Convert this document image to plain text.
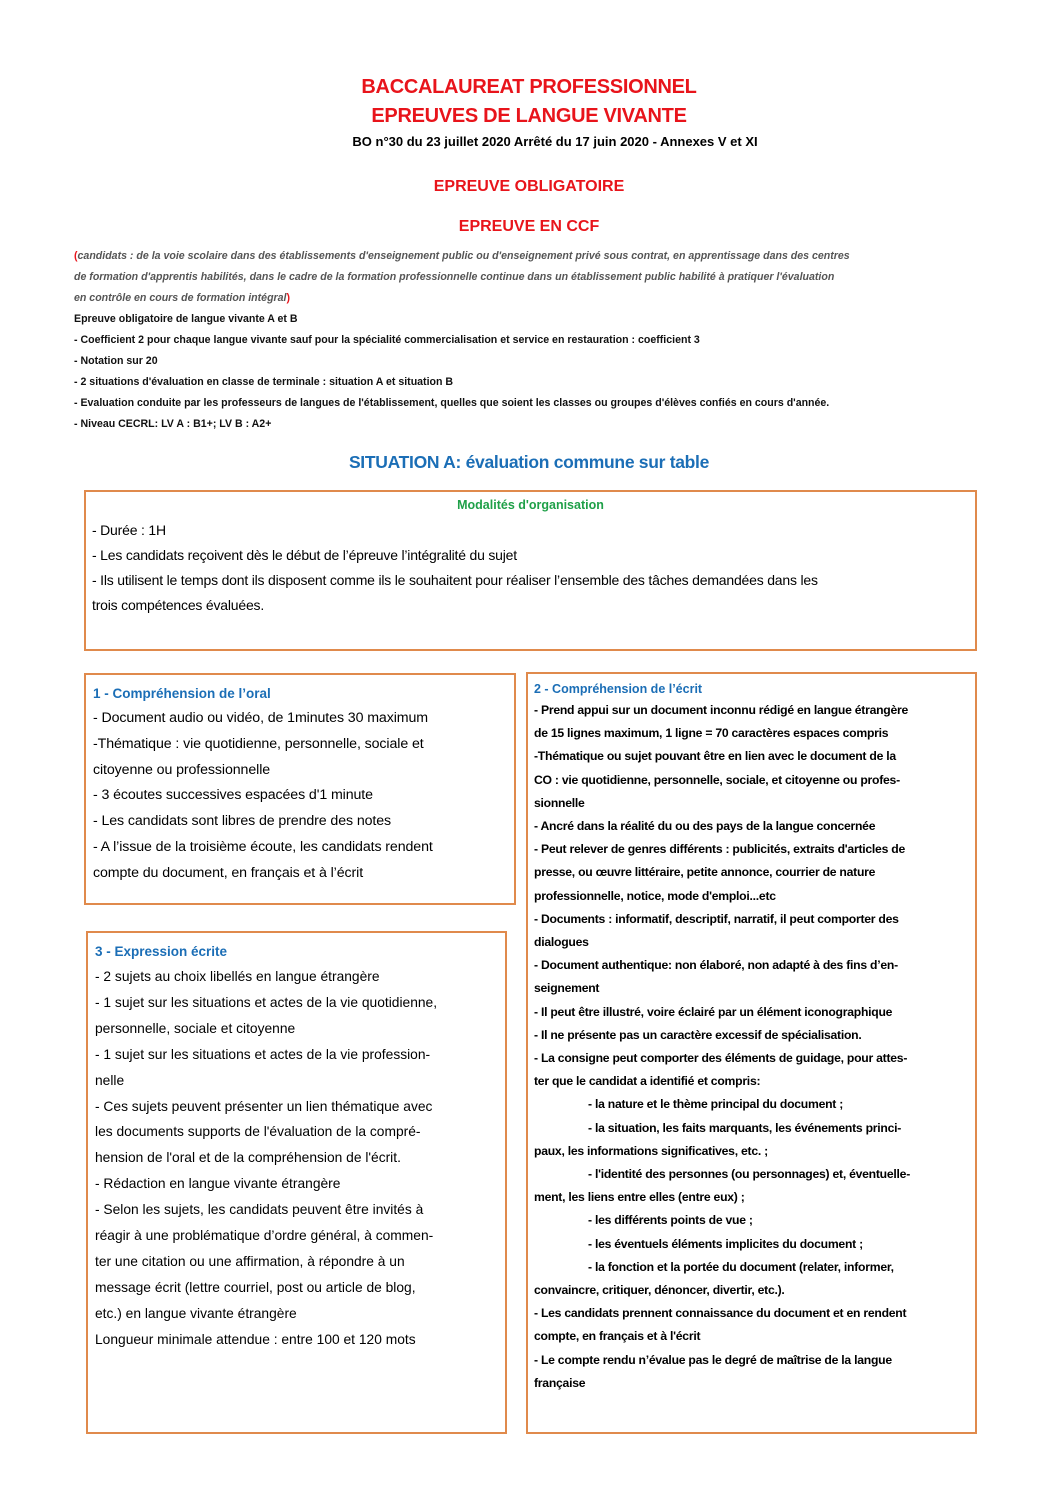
BACCALAUREAT PROFESSIONNEL
EPREUVES DE LANGUE VIVANTE
BO n°30 du 23 juillet 2020 Arrêté du 17 juin 2020 - Annexes V et XI
EPREUVE OBLIGATOIRE
EPREUVE EN CCF
(candidats : de la voie scolaire dans des établissements d'enseignement public ou d'enseignement privé sous contrat, en apprentissage dans des centres
de formation d'apprentis habilités, dans le cadre de la formation professionnelle continue dans un établissement public habilité à pratiquer l'évaluation
en contrôle en cours de formation intégral)
Epreuve obligatoire de langue vivante A et B
- Coefficient 2 pour chaque langue vivante sauf pour la spécialité commercialisation et service en restauration : coefficient 3
- Notation sur 20
- 2 situations d'évaluation en classe de terminale : situation A et situation B
- Evaluation conduite par les professeurs de langues de l'établissement, quelles que soient les classes ou groupes d'élèves confiés en cours d'année.
- Niveau CECRL: LV A : B1+; LV B : A2+
SITUATION A: évaluation commune sur table
Modalités d'organisation
- Durée : 1H
- Les candidats reçoivent dès le début de l’épreuve l’intégralité du sujet
- Ils utilisent le temps dont ils disposent comme ils le souhaitent pour réaliser l’ensemble des tâches demandées dans les
trois compétences évaluées.
1 - Compréhension de l’oral
- Document audio ou vidéo, de 1minutes 30 maximum
-Thématique : vie quotidienne, personnelle, sociale et
citoyenne ou professionnelle
- 3 écoutes successives espacées d'1 minute
- Les candidats sont libres de prendre des notes
- A l’issue de la troisième écoute, les candidats rendent
compte du document, en français et à l’écrit
3 - Expression écrite
- 2 sujets au choix libellés en langue étrangère
- 1 sujet sur les situations et actes de la vie quotidienne,
personnelle, sociale et citoyenne
- 1 sujet sur les situations et actes de la vie profession-
nelle
- Ces sujets peuvent présenter un lien thématique avec
les documents supports de l'évaluation de la compré-
hension de l'oral et de la compréhension de l'écrit.
- Rédaction en langue vivante étrangère
- Selon les sujets, les candidats peuvent être invités à
réagir à une problématique d’ordre général, à commen-
ter une citation ou une affirmation, à répondre à un
message écrit (lettre courriel, post ou article de blog,
etc.) en langue vivante étrangère
Longueur minimale attendue : entre 100 et 120 mots
2 - Compréhension de l’écrit
- Prend appui sur un document inconnu rédigé en langue étrangère
de 15 lignes maximum, 1 ligne = 70 caractères espaces compris
-Thématique ou sujet pouvant être en lien avec le document de la
CO : vie quotidienne, personnelle, sociale, et citoyenne ou profes-
sionnelle
- Ancré dans la réalité du ou des pays de la langue concernée
- Peut relever de genres différents : publicités, extraits d'articles de
presse, ou œuvre littéraire, petite annonce, courrier de nature
professionnelle, notice, mode d'emploi...etc
- Documents : informatif, descriptif, narratif, il peut comporter des
dialogues
- Document authentique: non élaboré, non adapté à des fins d’en-
seignement
- Il peut être illustré, voire éclairé par un élément iconographique
- Il ne présente pas un caractère excessif de spécialisation.
- La consigne peut comporter des éléments de guidage, pour attes-
ter que le candidat a identifié et compris:
- la nature et le thème principal du document ;
- la situation, les faits marquants, les événements princi-
paux, les informations significatives, etc. ;
- l'identité des personnes (ou personnages) et, éventuelle-
ment, les liens entre elles (entre eux) ;
- les différents points de vue ;
- les éventuels éléments implicites du document ;
- la fonction et la portée du document (relater, informer,
convaincre, critiquer, dénoncer, divertir, etc.).
- Les candidats prennent connaissance du document et en rendent
compte, en français et à l'écrit
- Le compte rendu n’évalue pas le degré de maîtrise de la langue
française
